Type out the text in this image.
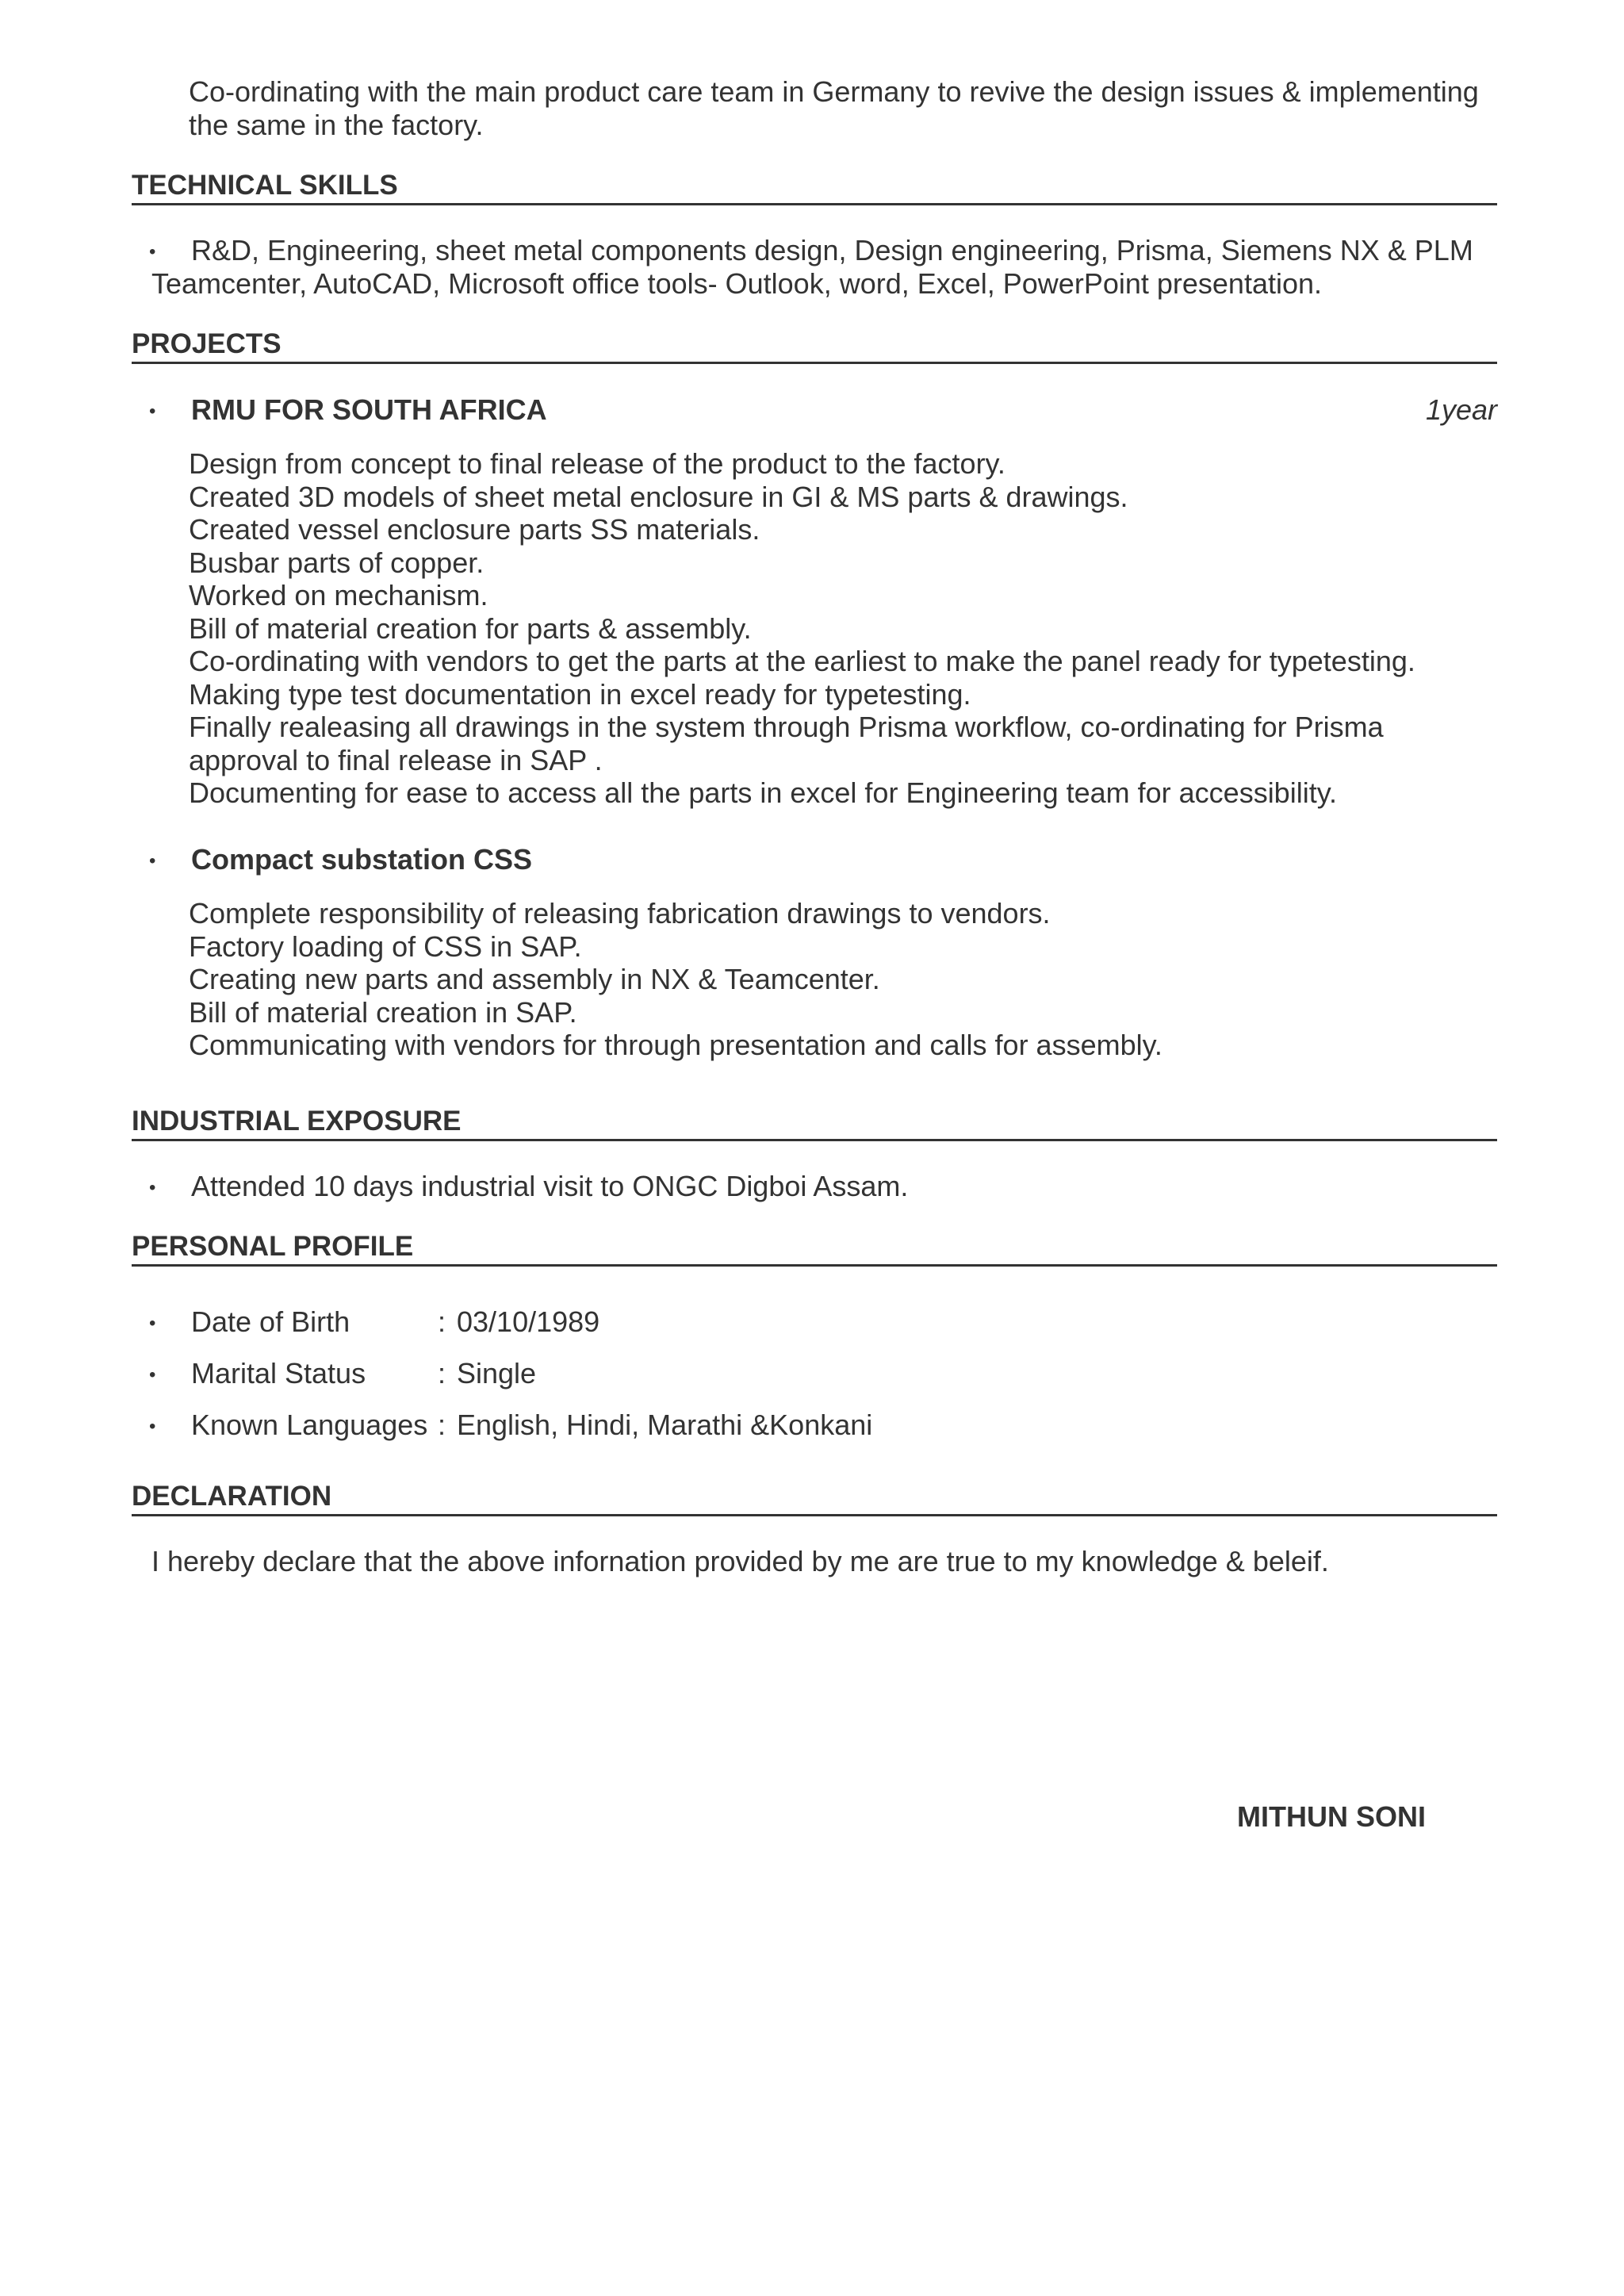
Co-ordinating with the main product care team in Germany to revive the design issues & implementing
the same in the factory.
TECHNICAL SKILLS
• R&D, Engineering, sheet metal components design, Design engineering, Prisma, Siemens NX & PLM
Teamcenter, AutoCAD, Microsoft office tools- Outlook, word, Excel, PowerPoint presentation.
PROJECTS
• RMU FOR SOUTH AFRICA	1year
Design from concept to final release of the product to the factory.
Created 3D models of sheet metal enclosure in GI & MS parts & drawings.
Created vessel enclosure parts SS materials.
Busbar parts of copper.
Worked on mechanism.
Bill of material creation for parts & assembly.
Co-ordinating with vendors to get the parts at the earliest to make the panel ready for typetesting.
Making type test documentation in excel ready for typetesting.
Finally realeasing all drawings in the system through Prisma workflow, co-ordinating for Prisma
approval to final release in SAP .
Documenting for ease to access all the parts in excel for Engineering team for accessibility.
• Compact substation CSS
Complete responsibility of releasing fabrication drawings to vendors.
Factory loading of CSS in SAP.
Creating new parts and assembly in NX & Teamcenter.
Bill of material creation in SAP.
Communicating with vendors for through presentation and calls for assembly.
INDUSTRIAL EXPOSURE
• Attended 10 days industrial visit to ONGC Digboi Assam.
PERSONAL PROFILE
• Date of Birth	: 03/10/1989
• Marital Status	: Single
• Known Languages : English, Hindi, Marathi &Konkani
DECLARATION
I hereby declare that the above infornation provided by me are true to my knowledge & beleif.
MITHUN SONI
